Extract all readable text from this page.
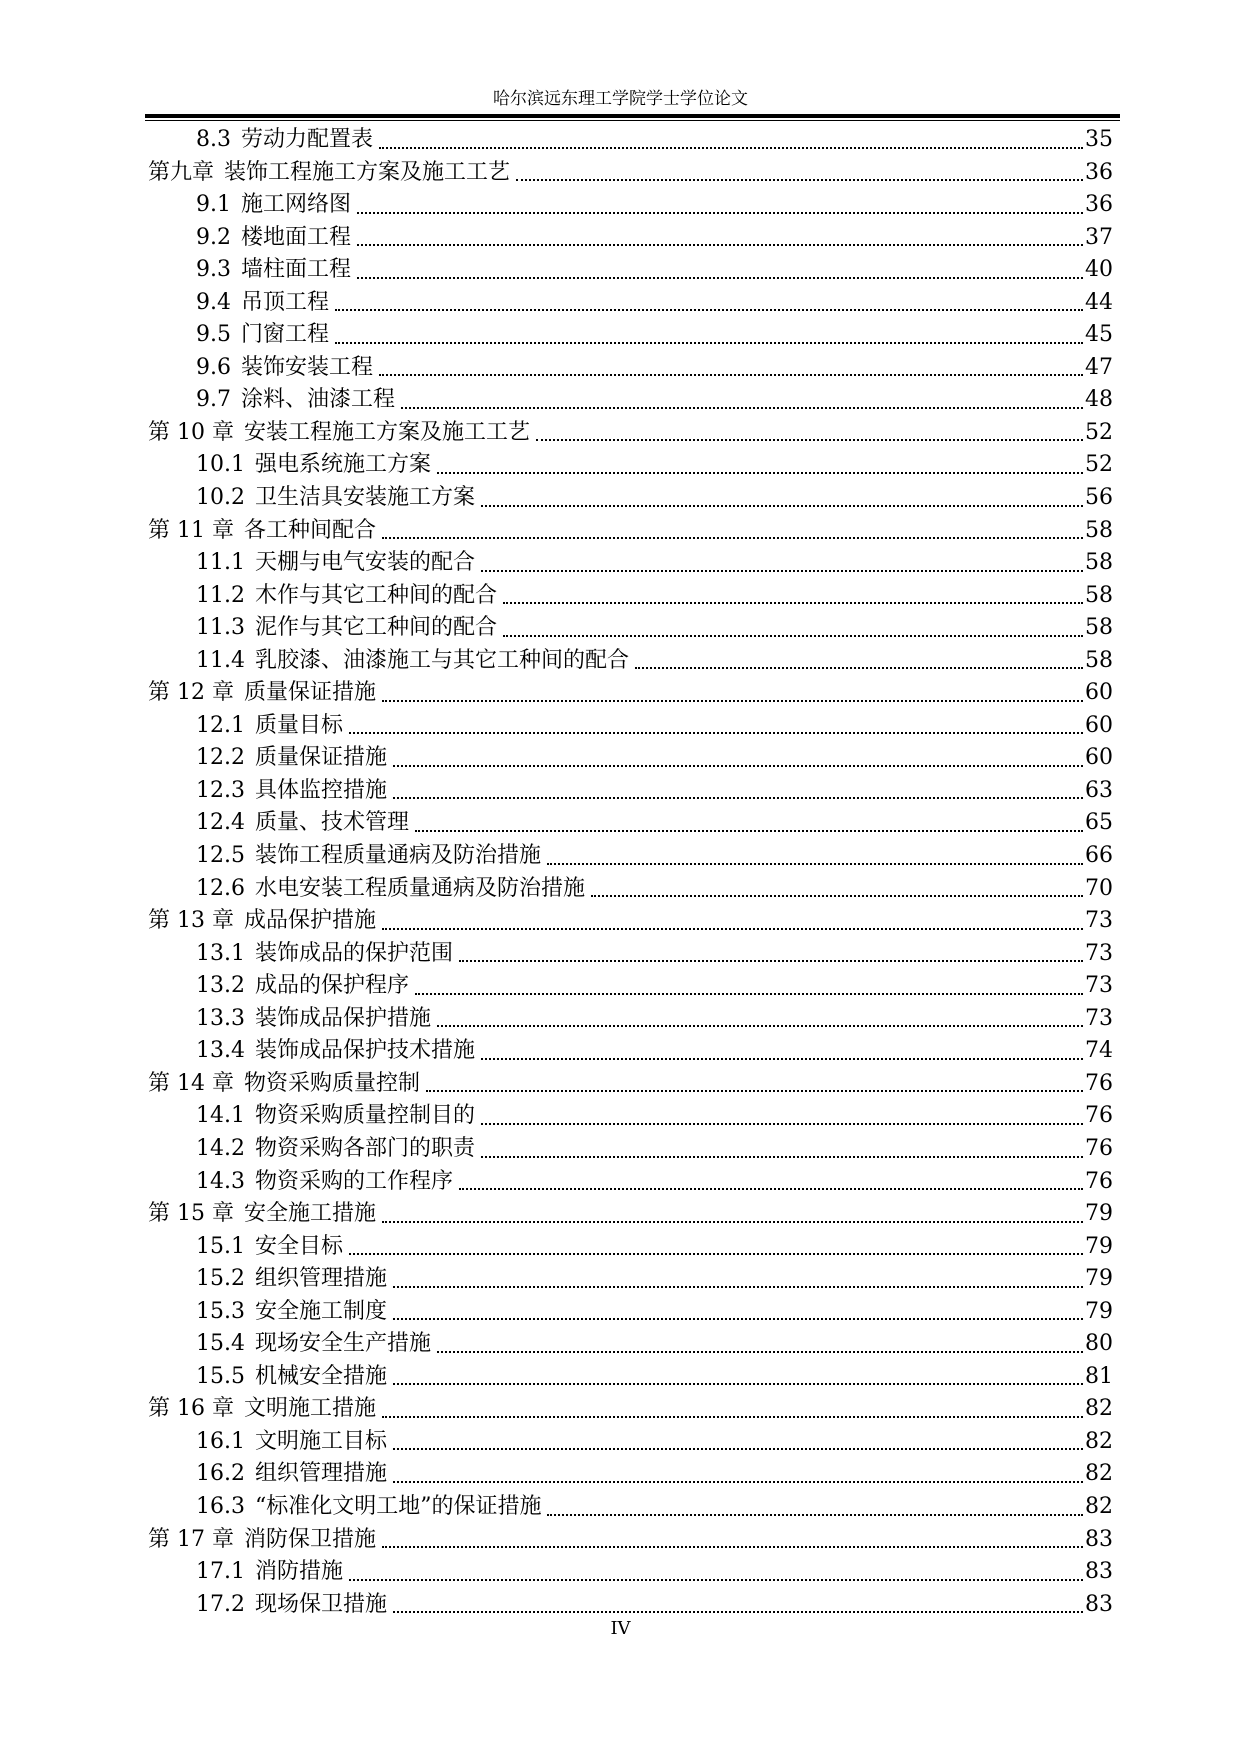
哈尔滨远东理工学院学士学位论文
8.3 劳动力配置表	35
第九章 装饰工程施工方案及施工工艺	36
9.1 施工网络图	36
9.2 楼地面工程	37
9.3 墙柱面工程	40
9.4 吊顶工程	44
9.5 门窗工程	45
9.6 装饰安装工程	47
9.7 涂料、油漆工程	48
第 10 章 安装工程施工方案及施工工艺	52
10.1 强电系统施工方案	52
10.2 卫生洁具安装施工方案	56
第 11 章 各工种间配合	58
11.1 天棚与电气安装的配合	58
11.2 木作与其它工种间的配合	58
11.3 泥作与其它工种间的配合	58
11.4 乳胶漆、油漆施工与其它工种间的配合	58
第 12 章 质量保证措施	60
12.1 质量目标	60
12.2 质量保证措施	60
12.3 具体监控措施	63
12.4 质量、技术管理	65
12.5 装饰工程质量通病及防治措施	66
12.6 水电安装工程质量通病及防治措施	70
第 13 章 成品保护措施	73
13.1 装饰成品的保护范围	73
13.2 成品的保护程序	73
13.3 装饰成品保护措施	73
13.4 装饰成品保护技术措施	74
第 14 章 物资采购质量控制	76
14.1 物资采购质量控制目的	76
14.2 物资采购各部门的职责	76
14.3 物资采购的工作程序	76
第 15 章 安全施工措施	79
15.1 安全目标	79
15.2 组织管理措施	79
15.3 安全施工制度	79
15.4 现场安全生产措施	80
15.5 机械安全措施	81
第 16 章 文明施工措施	82
16.1 文明施工目标	82
16.2 组织管理措施	82
16.3 “标准化文明工地”的保证措施	82
第 17 章 消防保卫措施	83
17.1 消防措施	83
17.2 现场保卫措施	83
IV
